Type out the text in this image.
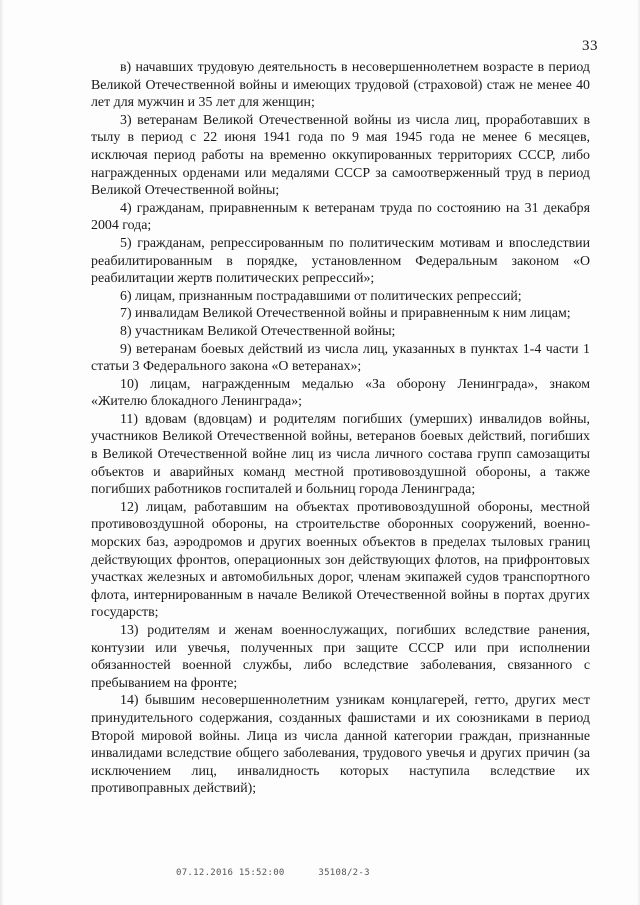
33

в) начавших трудовую деятельность в несовершеннолетнем возрасте в период Великой Отечественной войны и имеющих трудовой (страховой) стаж не менее 40 лет для мужчин и 35 лет для женщин;

3) ветеранам Великой Отечественной войны из числа лиц, проработавших в тылу в период с 22 июня 1941 года по 9 мая 1945 года не менее 6 месяцев, исключая период работы на временно оккупированных территориях СССР, либо награжденных орденами или медалями СССР за самоотверженный труд в период Великой Отечественной войны;

4) гражданам, приравненным к ветеранам труда по состоянию на 31 декабря 2004 года;

5) гражданам, репрессированным по политическим мотивам и впоследствии реабилитированным в порядке, установленном Федеральным законом «О реабилитации жертв политических репрессий»;

6) лицам, признанным пострадавшими от политических репрессий;

7) инвалидам Великой Отечественной войны и приравненным к ним лицам;

8) участникам Великой Отечественной войны;

9) ветеранам боевых действий из числа лиц, указанных в пунктах 1-4 части 1 статьи 3 Федерального закона «О ветеранах»;

10) лицам, награжденным медалью «За оборону Ленинграда», знаком «Жителю блокадного Ленинграда»;

11) вдовам (вдовцам) и родителям погибших (умерших) инвалидов войны, участников Великой Отечественной войны, ветеранов боевых действий, погибших в Великой Отечественной войне лиц из числа личного состава групп самозащиты объектов и аварийных команд местной противовоздушной обороны, а также погибших работников госпиталей и больниц города Ленинграда;

12) лицам, работавшим на объектах противовоздушной обороны, местной противовоздушной обороны, на строительстве оборонных сооружений, военно-морских баз, аэродромов и других военных объектов в пределах тыловых границ действующих фронтов, операционных зон действующих флотов, на прифронтовых участках железных и автомобильных дорог, членам экипажей судов транспортного флота, интернированным в начале Великой Отечественной войны в портах других государств;

13) родителям и женам военнослужащих, погибших вследствие ранения, контузии или увечья, полученных при защите СССР или при исполнении обязанностей военной службы, либо вследствие заболевания, связанного с пребыванием на фронте;

14) бывшим несовершеннолетним узникам концлагерей, гетто, других мест принудительного содержания, созданных фашистами и их союзниками в период Второй мировой войны. Лица из числа данной категории граждан, признанные инвалидами вследствие общего заболевания, трудового увечья и других причин (за исключением лиц, инвалидность которых наступила вследствие их противоправных действий);

07.12.2016 15:52:00	35108/2-3
